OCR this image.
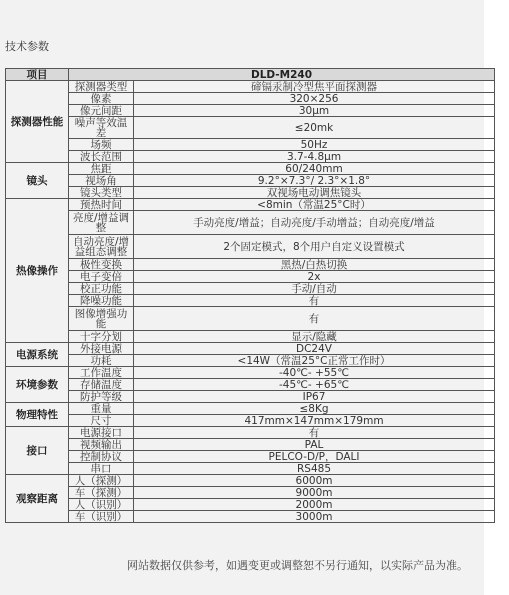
技术参数
项目	DLD-M240	
探测器性能	探测器类型	碲镉汞制冷型焦平面探测器
	像素	320×256
	像元间距	30μm
	噪声等效温差	≤20mk
	场频	50Hz
	波长范围	3.7-4.8μm
镜头	焦距	60/240mm
	视场角	9.2°×7.3°/ 2.3°×1.8°
	镜头类型	双视场电动调焦镜头
热像操作	预热时间	<8min（常温25°C时）
	亮度/增益调整	手动亮度/增益；自动亮度/手动增益；自动亮度/增益
	自动亮度/增益组态调整	2个固定模式，8个用户自定义设置模式
	极性变换	黑热/白热切换
	电子变倍	2x
	校正功能	手动/自动
	降噪功能	有
	图像增强功能	有
	十字分划	显示/隐藏
电源系统	外接电源	DC24V
	功耗	<14W（常温25°C正常工作时）
环境参数	工作温度	-40℃- +55℃
	存储温度	-45℃- +65℃
	防护等级	IP67
物理特性	重量	≤8Kg
	尺寸	417mm×147mm×179mm
接口	电源接口	有
	视频输出	PAL
	控制协议	PELCO-D/P，DALI
	串口	RS485
观察距离	人（探测）	6000m
	车（探测）	9000m
	人（识别）	2000m
	车（识别）	3000m
网站数据仅供参考，如遇变更或调整恕不另行通知，以实际产品为准。
